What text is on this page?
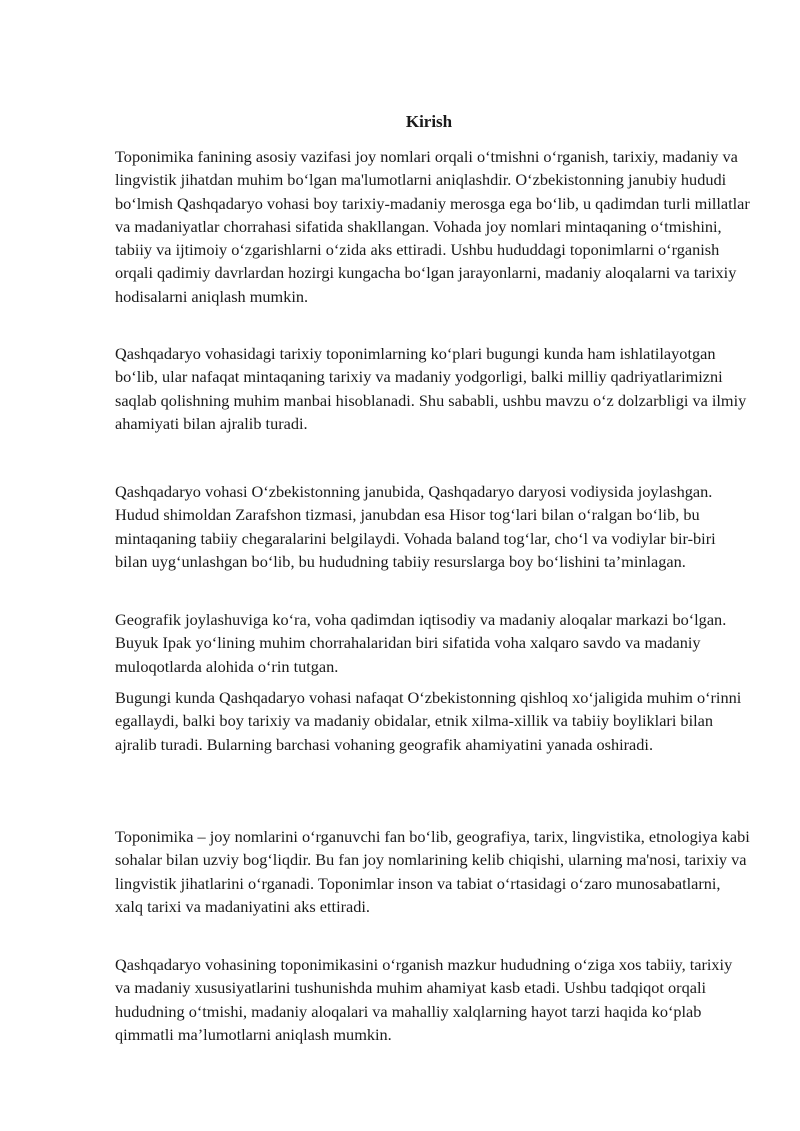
Kirish

Toponimika fanining asosiy vazifasi joy nomlari orqali o‘tmishni o‘rganish, tarixiy, madaniy va lingvistik jihatdan muhim bo‘lgan ma'lumotlarni aniqlashdir. O‘zbekistonning janubiy hududi bo‘lmish Qashqadaryo vohasi boy tarixiy-madaniy merosga ega bo‘lib, u qadimdan turli millatlar va madaniyatlar chorrahasi sifatida shakllangan. Vohada joy nomlari mintaqaning o‘tmishini, tabiiy va ijtimoiy o‘zgarishlarni o‘zida aks ettiradi. Ushbu hududdagi toponimlarni o‘rganish orqali qadimiy davrlardan hozirgi kungacha bo‘lgan jarayonlarni, madaniy aloqalarni va tarixiy hodisalarni aniqlash mumkin.

Qashqadaryo vohasidagi tarixiy toponimlarning ko‘plari bugungi kunda ham ishlatilayotgan bo‘lib, ular nafaqat mintaqaning tarixiy va madaniy yodgorligi, balki milliy qadriyatlarimizni saqlab qolishning muhim manbai hisoblanadi. Shu sababli, ushbu mavzu o‘z dolzarbligi va ilmiy ahamiyati bilan ajralib turadi.

Qashqadaryo vohasi O‘zbekistonning janubida, Qashqadaryo daryosi vodiysida joylashgan. Hudud shimoldan Zarafshon tizmasi, janubdan esa Hisor tog‘lari bilan o‘ralgan bo‘lib, bu mintaqaning tabiiy chegaralarini belgilaydi. Vohada baland tog‘lar, cho‘l va vodiylar bir-biri bilan uyg‘unlashgan bo‘lib, bu hududning tabiiy resurslarga boy bo‘lishini ta’minlagan.

Geografik joylashuviga ko‘ra, voha qadimdan iqtisodiy va madaniy aloqalar markazi bo‘lgan. Buyuk Ipak yo‘lining muhim chorrahalaridan biri sifatida voha xalqaro savdo va madaniy muloqotlarda alohida o‘rin tutgan.

Bugungi kunda Qashqadaryo vohasi nafaqat O‘zbekistonning qishloq xo‘jaligida muhim o‘rinni egallaydi, balki boy tarixiy va madaniy obidalar, etnik xilma-xillik va tabiiy boyliklari bilan ajralib turadi. Bularning barchasi vohaning geografik ahamiyatini yanada oshiradi.

Toponimika – joy nomlarini o‘rganuvchi fan bo‘lib, geografiya, tarix, lingvistika, etnologiya kabi sohalar bilan uzviy bog‘liqdir. Bu fan joy nomlarining kelib chiqishi, ularning ma'nosi, tarixiy va lingvistik jihatlarini o‘rganadi. Toponimlar inson va tabiat o‘rtasidagi o‘zaro munosabatlarni, xalq tarixi va madaniyatini aks ettiradi.

Qashqadaryo vohasining toponimikasini o‘rganish mazkur hududning o‘ziga xos tabiiy, tarixiy va madaniy xususiyatlarini tushunishda muhim ahamiyat kasb etadi. Ushbu tadqiqot orqali hududning o‘tmishi, madaniy aloqalari va mahalliy xalqlarning hayot tarzi haqida ko‘plab qimmatli ma’lumotlarni aniqlash mumkin.
